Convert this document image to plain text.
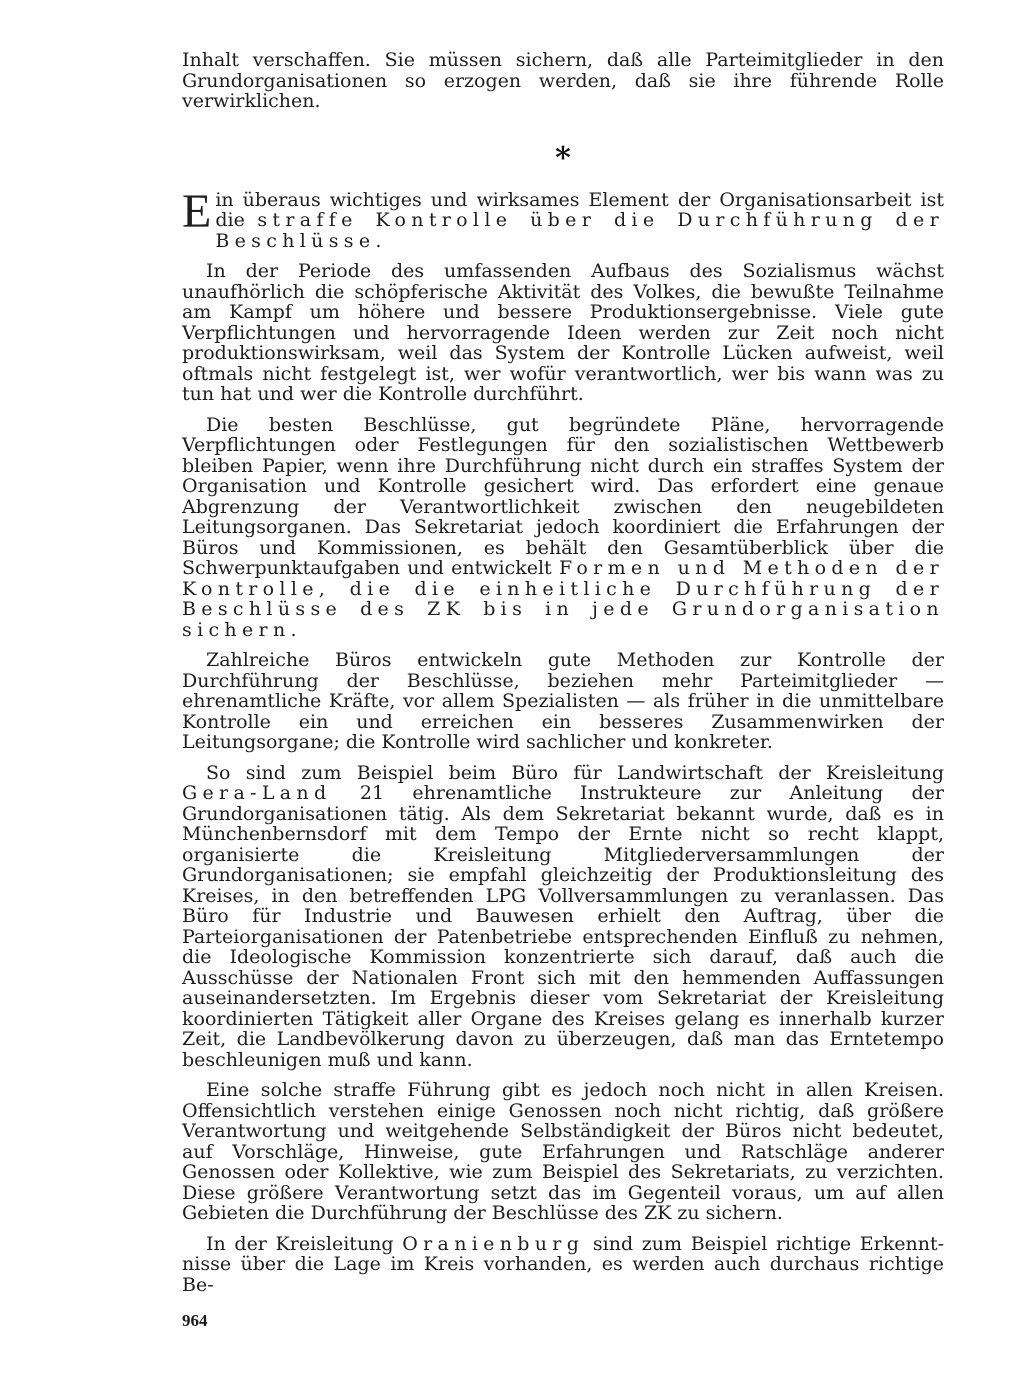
Inhalt verschaffen. Sie müssen sichern, daß alle Parteimitglieder in den Grundorganisationen so erzogen werden, daß sie ihre führende Rolle verwirklichen.

*

E in überaus wichtiges und wirksames Element der Organisationsarbeit ist die straffe Kontrolle über die Durchführung der Beschlüsse.

In der Periode des umfassenden Aufbaus des Sozialismus wächst unaufhörlich die schöpferische Aktivität des Volkes, die bewußte Teilnahme am Kampf um höhere und bessere Produktionsergebnisse. Viele gute Verpflichtungen und hervorragende Ideen werden zur Zeit noch nicht produktionswirksam, weil das System der Kontrolle Lücken aufweist, weil oftmals nicht festgelegt ist, wer wofür verantwortlich, wer bis wann was zu tun hat und wer die Kontrolle durchführt.

Die besten Beschlüsse, gut begründete Pläne, hervorragende Verpflichtungen oder Festlegungen für den sozialistischen Wettbewerb bleiben Papier, wenn ihre Durchführung nicht durch ein straffes System der Organisation und Kontrolle gesichert wird. Das erfordert eine genaue Abgrenzung der Verantwortlichkeit zwischen den neugebildeten Leitungsorganen. Das Sekretariat jedoch koordiniert die Erfahrungen der Büros und Kommissionen, es behält den Gesamtüberblick über die Schwerpunktaufgaben und entwickelt Formen und Methoden der Kontrolle, die die einheitliche Durchführung der Beschlüsse des ZK bis in jede Grundorganisation sichern.

Zahlreiche Büros entwickeln gute Methoden zur Kontrolle der Durchführung der Beschlüsse, beziehen mehr Parteimitglieder — ehrenamtliche Kräfte, vor allem Spezialisten — als früher in die unmittelbare Kontrolle ein und erreichen ein besseres Zusammenwirken der Leitungsorgane; die Kontrolle wird sachlicher und konkreter.

So sind zum Beispiel beim Büro für Landwirtschaft der Kreisleitung Gera-Land 21 ehrenamtliche Instrukteure zur Anleitung der Grundorganisationen tätig. Als dem Sekretariat bekannt wurde, daß es in Münchenbernsdorf mit dem Tempo der Ernte nicht so recht klappt, organisierte die Kreisleitung Mitgliederversammlungen der Grundorganisationen; sie empfahl gleichzeitig der Produktionsleitung des Kreises, in den betreffenden LPG Vollversammlungen zu veranlassen. Das Büro für Industrie und Bauwesen erhielt den Auftrag, über die Parteiorganisationen der Patenbetriebe entsprechenden Einfluß zu nehmen, die Ideologische Kommission konzentrierte sich darauf, daß auch die Ausschüsse der Nationalen Front sich mit den hemmenden Auffassungen auseinandersetzten. Im Ergebnis dieser vom Sekretariat der Kreisleitung koordinierten Tätigkeit aller Organe des Kreises gelang es innerhalb kurzer Zeit, die Landbevölkerung davon zu überzeugen, daß man das Erntetempo beschleunigen muß und kann.

Eine solche straffe Führung gibt es jedoch noch nicht in allen Kreisen. Offensichtlich verstehen einige Genossen noch nicht richtig, daß größere Verantwortung und weitgehende Selbständigkeit der Büros nicht bedeutet, auf Vorschläge, Hinweise, gute Erfahrungen und Ratschläge anderer Genossen oder Kollektive, wie zum Beispiel des Sekretariats, zu verzichten. Diese größere Verantwortung setzt das im Gegenteil voraus, um auf allen Gebieten die Durchführung der Beschlüsse des ZK zu sichern.

In der Kreisleitung Oranienburg sind zum Beispiel richtige Erkenntnisse über die Lage im Kreis vorhanden, es werden auch durchaus richtige Be-

964
